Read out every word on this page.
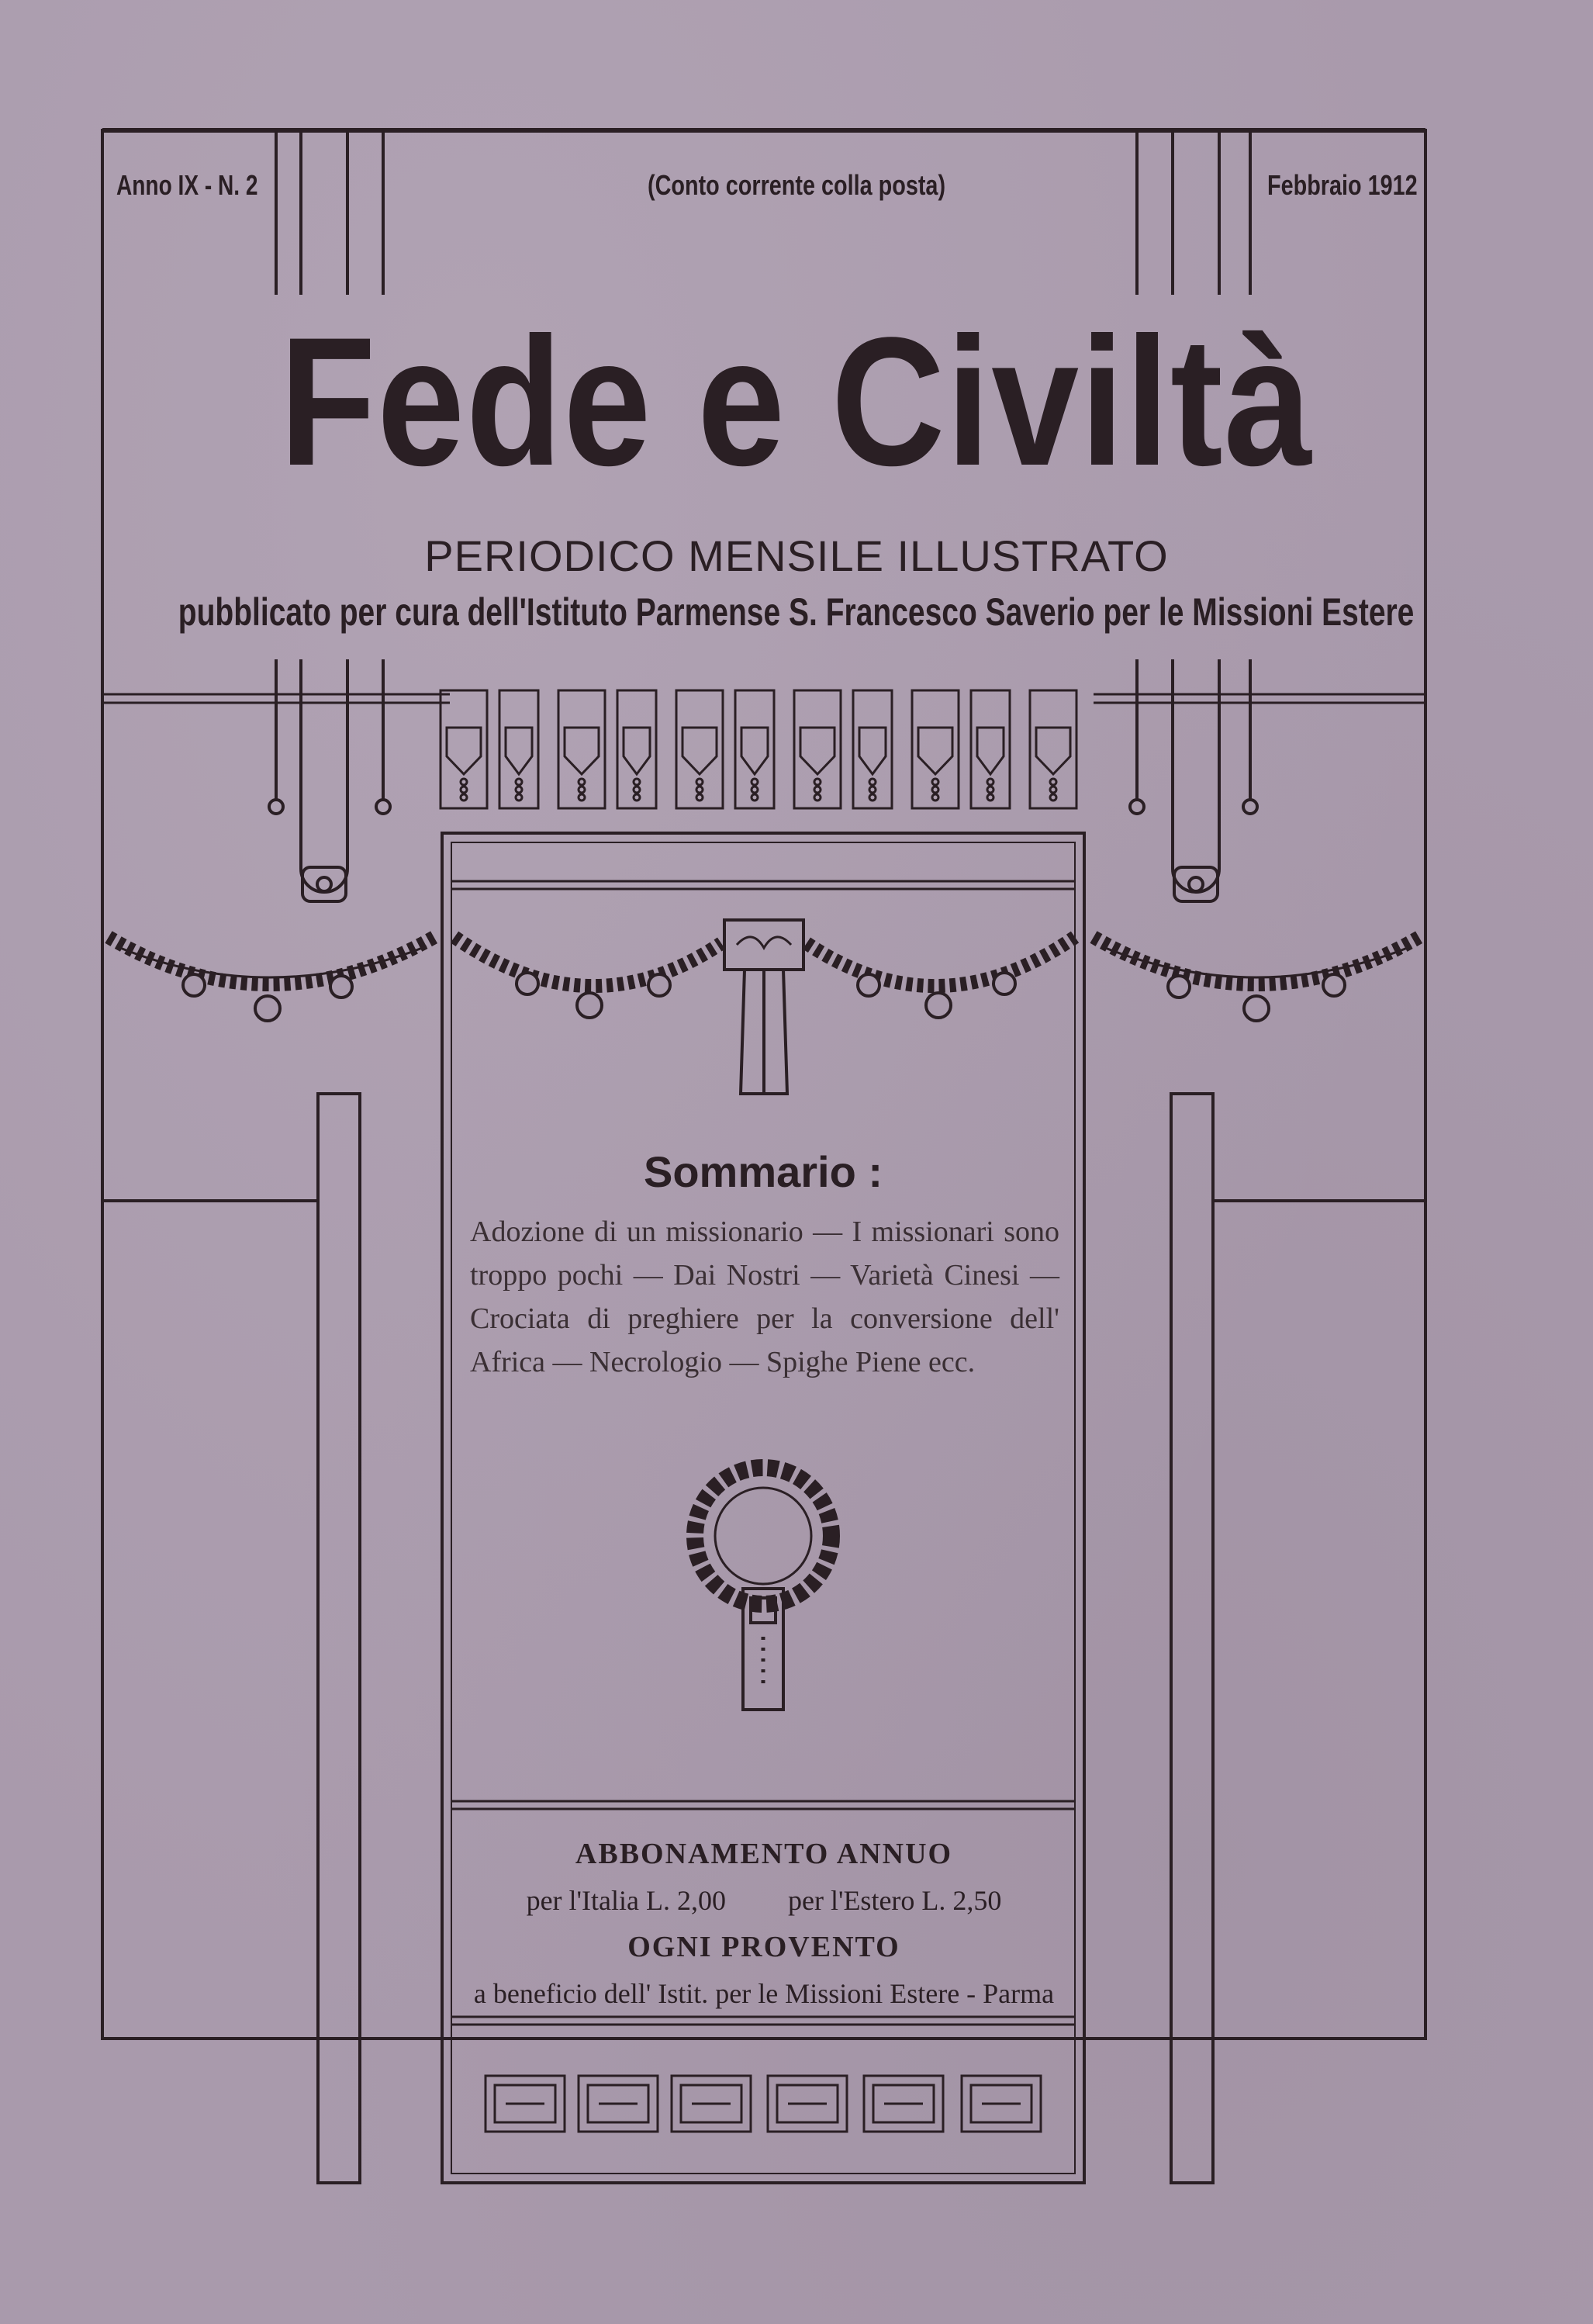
Anno IX - N. 2	(Conto corrente colla posta)	Febbraio 1912
Fede e Civiltà
PERIODICO MENSILE ILLUSTRATO
pubblicato per cura dell'Istituto Parmense S. Francesco Saverio per le Missioni Estere
Sommario :
Adozione di un missionario — I missionari sono troppo pochi — Dai Nostri — Varietà Cinesi — Crociata di preghiere per la conversione dell' Africa — Necrologio — Spighe Piene ecc.
ABBONAMENTO ANNUO
per l'Italia L. 2,00 per l'Estero L. 2,50
OGNI PROVENTO
a beneficio dell' Istit. per le Missioni Estere - Parma
